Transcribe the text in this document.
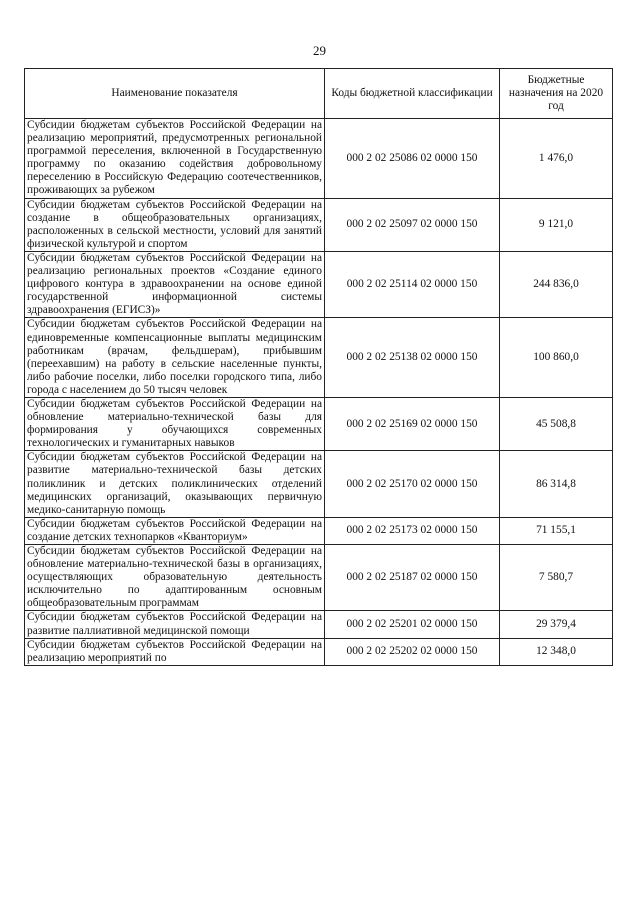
29
Наименование показателя	Коды бюджетной классификации	Бюджетные назначения на 2020 год
Субсидии бюджетам субъектов Российской Федерации на реализацию мероприятий, предусмотренных региональной программой переселения, включенной в Государственную программу по оказанию содействия добровольному переселению в Российскую Федерацию соотечественников, проживающих за рубежом	000 2 02 25086 02 0000 150	1 476,0
Субсидии бюджетам субъектов Российской Федерации на создание в общеобразовательных организациях, расположенных в сельской местности, условий для занятий физической культурой и спортом	000 2 02 25097 02 0000 150	9 121,0
Субсидии бюджетам субъектов Российской Федерации на реализацию региональных проектов «Создание единого цифрового контура в здравоохранении на основе единой государственной информационной системы здравоохранения (ЕГИСЗ)»	000 2 02 25114 02 0000 150	244 836,0
Субсидии бюджетам субъектов Российской Федерации на единовременные компенсационные выплаты медицинским работникам (врачам, фельдшерам), прибывшим (переехавшим) на работу в сельские населенные пункты, либо рабочие поселки, либо поселки городского типа, либо города с населением до 50 тысяч человек	000 2 02 25138 02 0000 150	100 860,0
Субсидии бюджетам субъектов Российской Федерации на обновление материально-технической базы для формирования у обучающихся современных технологических и гуманитарных навыков	000 2 02 25169 02 0000 150	45 508,8
Субсидии бюджетам субъектов Российской Федерации на развитие материально-технической базы детских поликлиник и детских поликлинических отделений медицинских организаций, оказывающих первичную медико-санитарную помощь	000 2 02 25170 02 0000 150	86 314,8
Субсидии бюджетам субъектов Российской Федерации на создание детских технопарков «Кванториум»	000 2 02 25173 02 0000 150	71 155,1
Субсидии бюджетам субъектов Российской Федерации на обновление материально-технической базы в организациях, осуществляющих образовательную деятельность исключительно по адаптированным основным общеобразовательным программам	000 2 02 25187 02 0000 150	7 580,7
Субсидии бюджетам субъектов Российской Федерации на развитие паллиативной медицинской помощи	000 2 02 25201 02 0000 150	29 379,4
Субсидии бюджетам субъектов Российской Федерации на реализацию мероприятий по	000 2 02 25202 02 0000 150	12 348,0
